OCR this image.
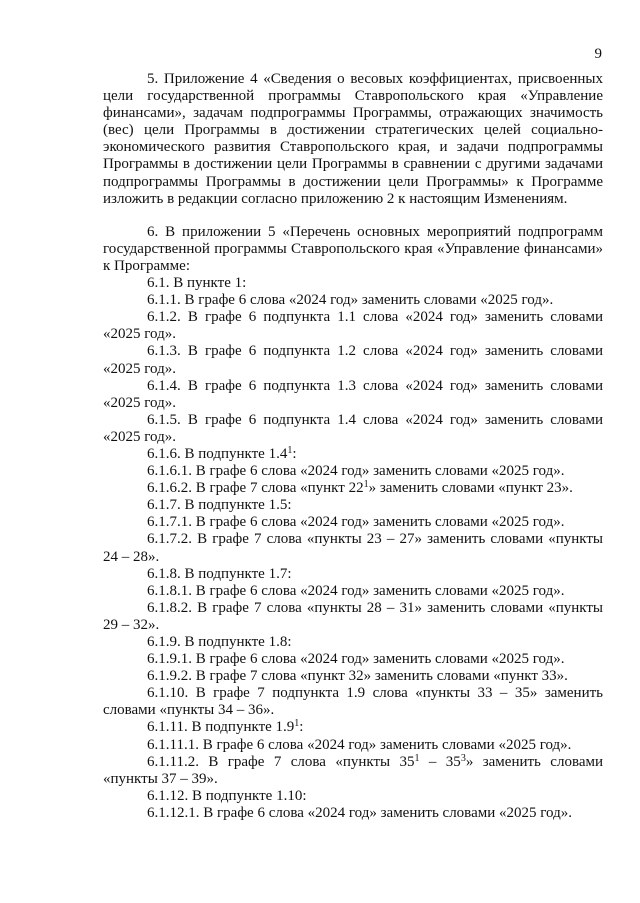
9

5. Приложение 4 «Сведения о весовых коэффициентах, присвоенных цели государственной программы Ставропольского края «Управление финансами», задачам подпрограммы Программы, отражающих значимость (вес) цели Программы в достижении стратегических целей социально-экономического развития Ставропольского края, и задачи подпрограммы Программы в достижении цели Программы в сравнении с другими задачами подпрограммы Программы в достижении цели Программы» к Программе изложить в редакции согласно приложению 2 к настоящим Изменениям.

6. В приложении 5 «Перечень основных мероприятий подпрограмм государственной программы Ставропольского края «Управление финансами» к Программе:

6.1. В пункте 1:

6.1.1. В графе 6 слова «2024 год» заменить словами «2025 год».

6.1.2. В графе 6 подпункта 1.1 слова «2024 год» заменить словами «2025 год».

6.1.3. В графе 6 подпункта 1.2 слова «2024 год» заменить словами «2025 год».

6.1.4. В графе 6 подпункта 1.3 слова «2024 год» заменить словами «2025 год».

6.1.5. В графе 6 подпункта 1.4 слова «2024 год» заменить словами «2025 год».

6.1.6. В подпункте $1.4^1$:

6.1.6.1. В графе 6 слова «2024 год» заменить словами «2025 год».

6.1.6.2. В графе 7 слова «пункт $22^1$» заменить словами «пункт 23».

6.1.7. В подпункте 1.5:

6.1.7.1. В графе 6 слова «2024 год» заменить словами «2025 год».

6.1.7.2. В графе 7 слова «пункты 23 – 27» заменить словами «пункты 24 – 28».

6.1.8. В подпункте 1.7:

6.1.8.1. В графе 6 слова «2024 год» заменить словами «2025 год».

6.1.8.2. В графе 7 слова «пункты 28 – 31» заменить словами «пункты 29 – 32».

6.1.9. В подпункте 1.8:

6.1.9.1. В графе 6 слова «2024 год» заменить словами «2025 год».

6.1.9.2. В графе 7 слова «пункт 32» заменить словами «пункт 33».

6.1.10. В графе 7 подпункта 1.9 слова «пункты 33 – 35» заменить словами «пункты 34 – 36».

6.1.11. В подпункте $1.9^1$:

6.1.11.1. В графе 6 слова «2024 год» заменить словами «2025 год».

6.1.11.2. В графе 7 слова «пункты $35^1 - 35^3$» заменить словами «пункты 37 – 39».

6.1.12. В подпункте 1.10:

6.1.12.1. В графе 6 слова «2024 год» заменить словами «2025 год».
